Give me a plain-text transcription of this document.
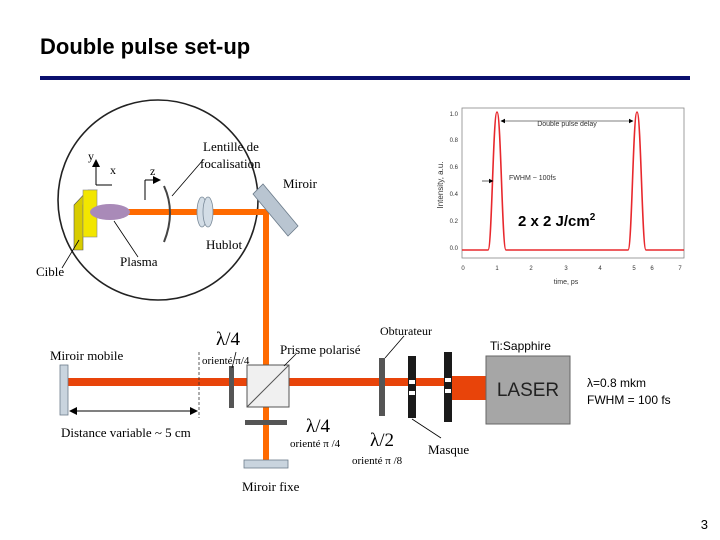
Double pulse set-up
0.0
0.2
0.4
0.6
0.8
1.0
0	1	2	3	4	5 6	7
Intensity, a.u.
time, ps
Double pulse delay
FWHM ~ 100fs
y
x	z
Lentille de
focalisation
Miroir
Hublot
Plasma
Cible
2 x 2 $J/cm^2$
LASER
Ti:Sapphire
λ=0.8 mkm
FWHM = 100 fs
λ/4
orienté π/4
Miroir mobile	Prisme polarisé
Obturateur
λ/4
orienté π /4 λ/2
orienté π /8
Masque
Distance variable ~ 5 cm
Miroir fixe
3
